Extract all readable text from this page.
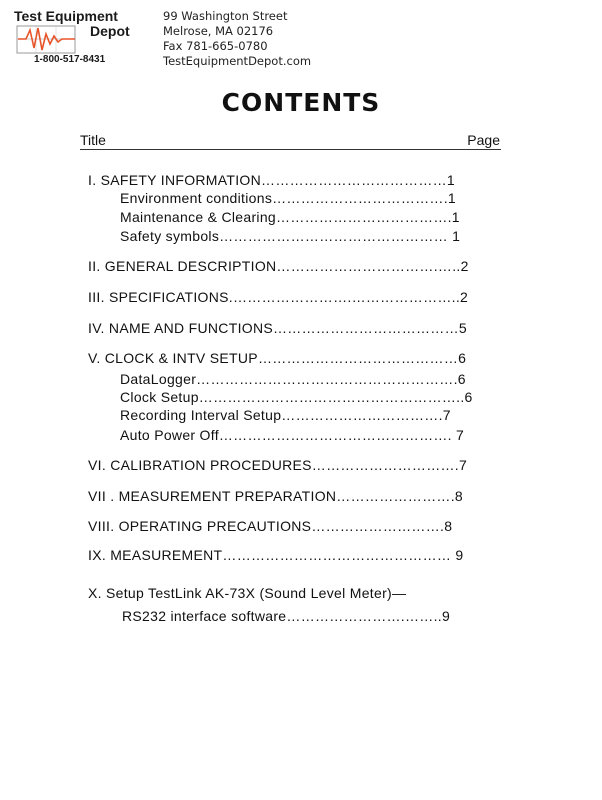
Test Equipment
Depot
1-800-517-8431
99 Washington Street
Melrose, MA 02176
Fax 781-665-0780
TestEquipmentDepot.com
CONTENTS
Title	Page
I. SAFETY INFORMATION…………………………………1
Environment conditions……………………………….1
Maintenance & Clearing……………………………….1
Safety symbols………………………………………… 1
II. GENERAL DESCRIPTION…………………………….…..2
III. SPECIFICATIONS.…………………….…………………..2
IV. NAME AND FUNCTIONS…………………………………5
V. CLOCK & INTV SETUP……………………………………6
DataLogger……………………………………………….6
Clock Setup………………………………………………..6
Recording Interval Setup…………………………….7
Auto Power Off…………………………………………. 7
VI. CALIBRATION PROCEDURES………………………….7
VII . MEASUREMENT PREPARATION…………………….8
VIII. OPERATING PRECAUTIONS……………………….8
IX. MEASUREMENT………………………………………… 9
X. Setup TestLink AK-73X (Sound Level Meter)—
RS232 interface software…………………….……..9
